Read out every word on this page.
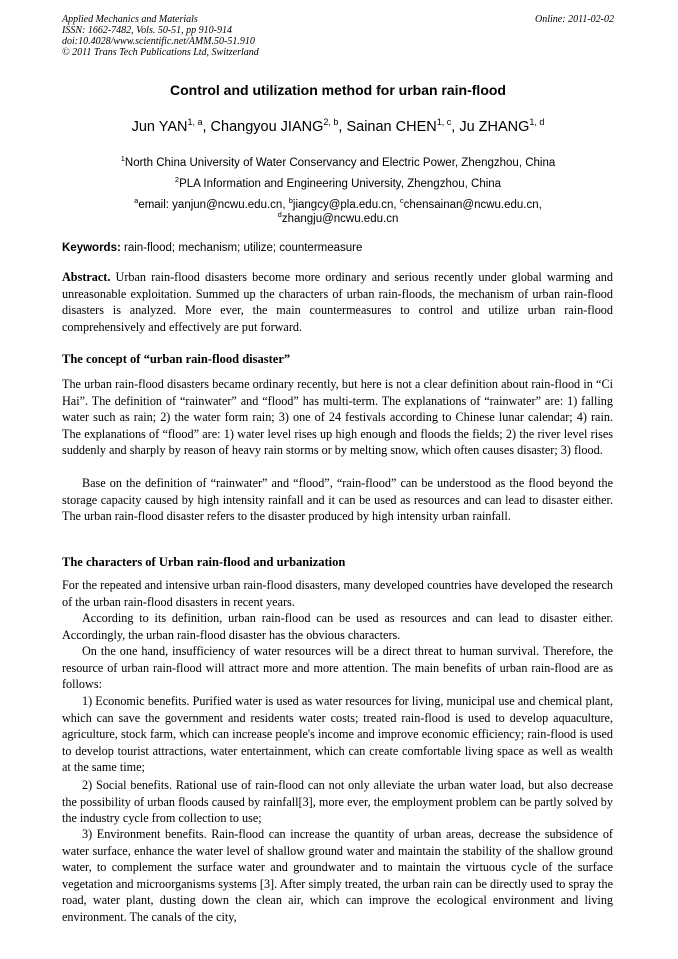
Applied Mechanics and Materials
ISSN: 1662-7482, Vols. 50-51, pp 910-914
doi:10.4028/www.scientific.net/AMM.50-51.910
© 2011 Trans Tech Publications Ltd, Switzerland
Online: 2011-02-02
Control and utilization method for urban rain-flood
Jun YAN$^{1, a}$, Changyou JIANG$^{2, b}$, Sainan CHEN$^{1, c}$, Ju ZHANG$^{1, d}$
$^1$North China University of Water Conservancy and Electric Power, Zhengzhou, China
$^2$PLA Information and Engineering University, Zhengzhou, China
$^a$email: yanjun@ncwu.edu.cn, $^b$jiangcy@pla.edu.cn, $^c$chensainan@ncwu.edu.cn,
$^d$zhangju@ncwu.edu.cn
Keywords: rain-flood; mechanism; utilize; countermeasure
Abstract. Urban rain-flood disasters become more ordinary and serious recently under global warming and unreasonable exploitation. Summed up the characters of urban rain-floods, the mechanism of urban rain-flood disasters is analyzed. More ever, the main countermeasures to control and utilize urban rain-flood comprehensively and effectively are put forward.
The concept of “urban rain-flood disaster”
The urban rain-flood disasters became ordinary recently, but here is not a clear definition about rain-flood in “Ci Hai”. The definition of “rainwater” and “flood” has multi-term. The explanations of “rainwater” are: 1) falling water such as rain; 2) the water form rain; 3) one of 24 festivals according to Chinese lunar calendar; 4) rain. The explanations of “flood” are: 1) water level rises up high enough and floods the fields; 2) the river level rises suddenly and sharply by reason of heavy rain storms or by melting snow, which often causes disaster; 3) flood.
Base on the definition of “rainwater” and “flood”, “rain-flood” can be understood as the flood beyond the storage capacity caused by high intensity rainfall and it can be used as resources and can lead to disaster either. The urban rain-flood disaster refers to the disaster produced by high intensity urban rainfall.
The characters of Urban rain-flood and urbanization
For the repeated and intensive urban rain-flood disasters, many developed countries have developed the research of the urban rain-flood disasters in recent years.
According to its definition, urban rain-flood can be used as resources and can lead to disaster either. Accordingly, the urban rain-flood disaster has the obvious characters.
On the one hand, insufficiency of water resources will be a direct threat to human survival. Therefore, the resource of urban rain-flood will attract more and more attention. The main benefits of urban rain-flood are as follows:
1) Economic benefits. Purified water is used as water resources for living, municipal use and chemical plant, which can save the government and residents water costs; treated rain-flood is used to develop aquaculture, agriculture, stock farm, which can increase people's income and improve economic efficiency; rain-flood is used to develop tourist attractions, water entertainment, which can create comfortable living space as well as wealth at the same time;
2) Social benefits. Rational use of rain-flood can not only alleviate the urban water load, but also decrease the possibility of urban floods caused by rainfall[3], more ever, the employment problem can be partly solved by the industry cycle from collection to use;
3) Environment benefits. Rain-flood can increase the quantity of urban areas, decrease the subsidence of water surface, enhance the water level of shallow ground water and maintain the stability of the shallow ground water, to complement the surface water and groundwater and to maintain the virtuous cycle of the surface vegetation and microorganisms systems [3]. After simply treated, the urban rain can be directly used to spray the road, water plant, dusting down the clean air, which can improve the ecological environment and living environment. The canals of the city,
